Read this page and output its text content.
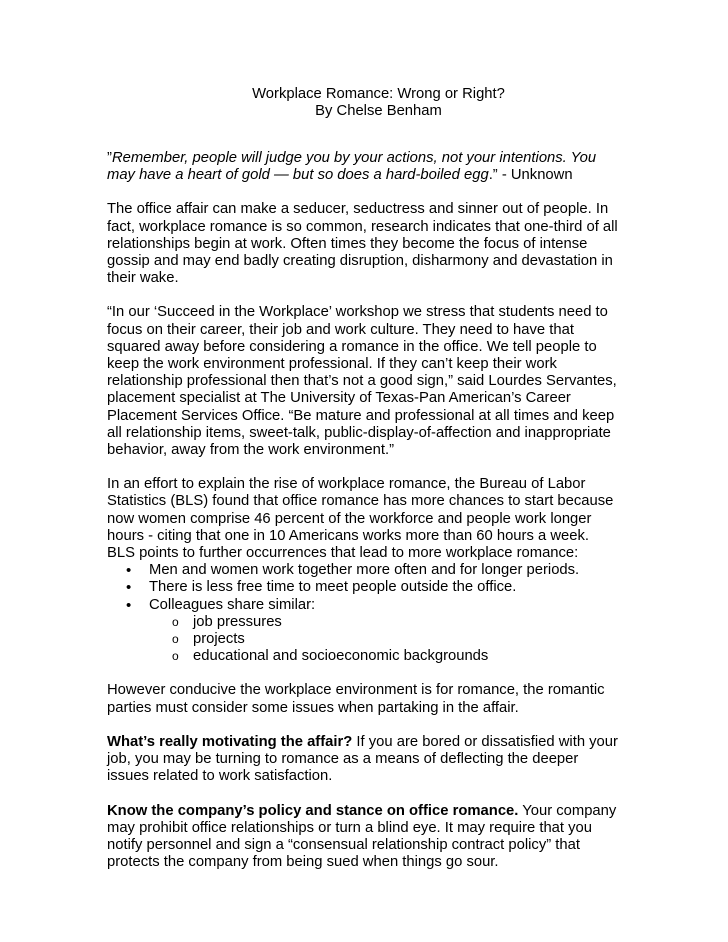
Workplace Romance: Wrong or Right?
By Chelse Benham

”Remember, people will judge you by your actions, not your intentions. You may have a heart of gold — but so does a hard-boiled egg.” - Unknown

The office affair can make a seducer, seductress and sinner out of people. In fact, workplace romance is so common, research indicates that one-third of all relationships begin at work. Often times they become the focus of intense gossip and may end badly creating disruption, disharmony and devastation in their wake.

“In our ‘Succeed in the Workplace’ workshop we stress that students need to focus on their career, their job and work culture. They need to have that squared away before considering a romance in the office. We tell people to keep the work environment professional. If they can’t keep their work relationship professional then that’s not a good sign,” said Lourdes Servantes, placement specialist at The University of Texas-Pan American’s Career Placement Services Office. “Be mature and professional at all times and keep all relationship items, sweet-talk, public-display-of-affection and inappropriate behavior, away from the work environment.”

In an effort to explain the rise of workplace romance, the Bureau of Labor Statistics (BLS) found that office romance has more chances to start because now women comprise 46 percent of the workforce and people work longer hours - citing that one in 10 Americans works more than 60 hours a week. BLS points to further occurrences that lead to more workplace romance:

• Men and women work together more often and for longer periods.
• There is less free time to meet people outside the office.
• Colleagues share similar:
o job pressures
o projects
o educational and socioeconomic backgrounds

However conducive the workplace environment is for romance, the romantic parties must consider some issues when partaking in the affair.

What’s really motivating the affair? If you are bored or dissatisfied with your job, you may be turning to romance as a means of deflecting the deeper issues related to work satisfaction.

Know the company’s policy and stance on office romance. Your company may prohibit office relationships or turn a blind eye. It may require that you notify personnel and sign a “consensual relationship contract policy” that protects the company from being sued when things go sour.
